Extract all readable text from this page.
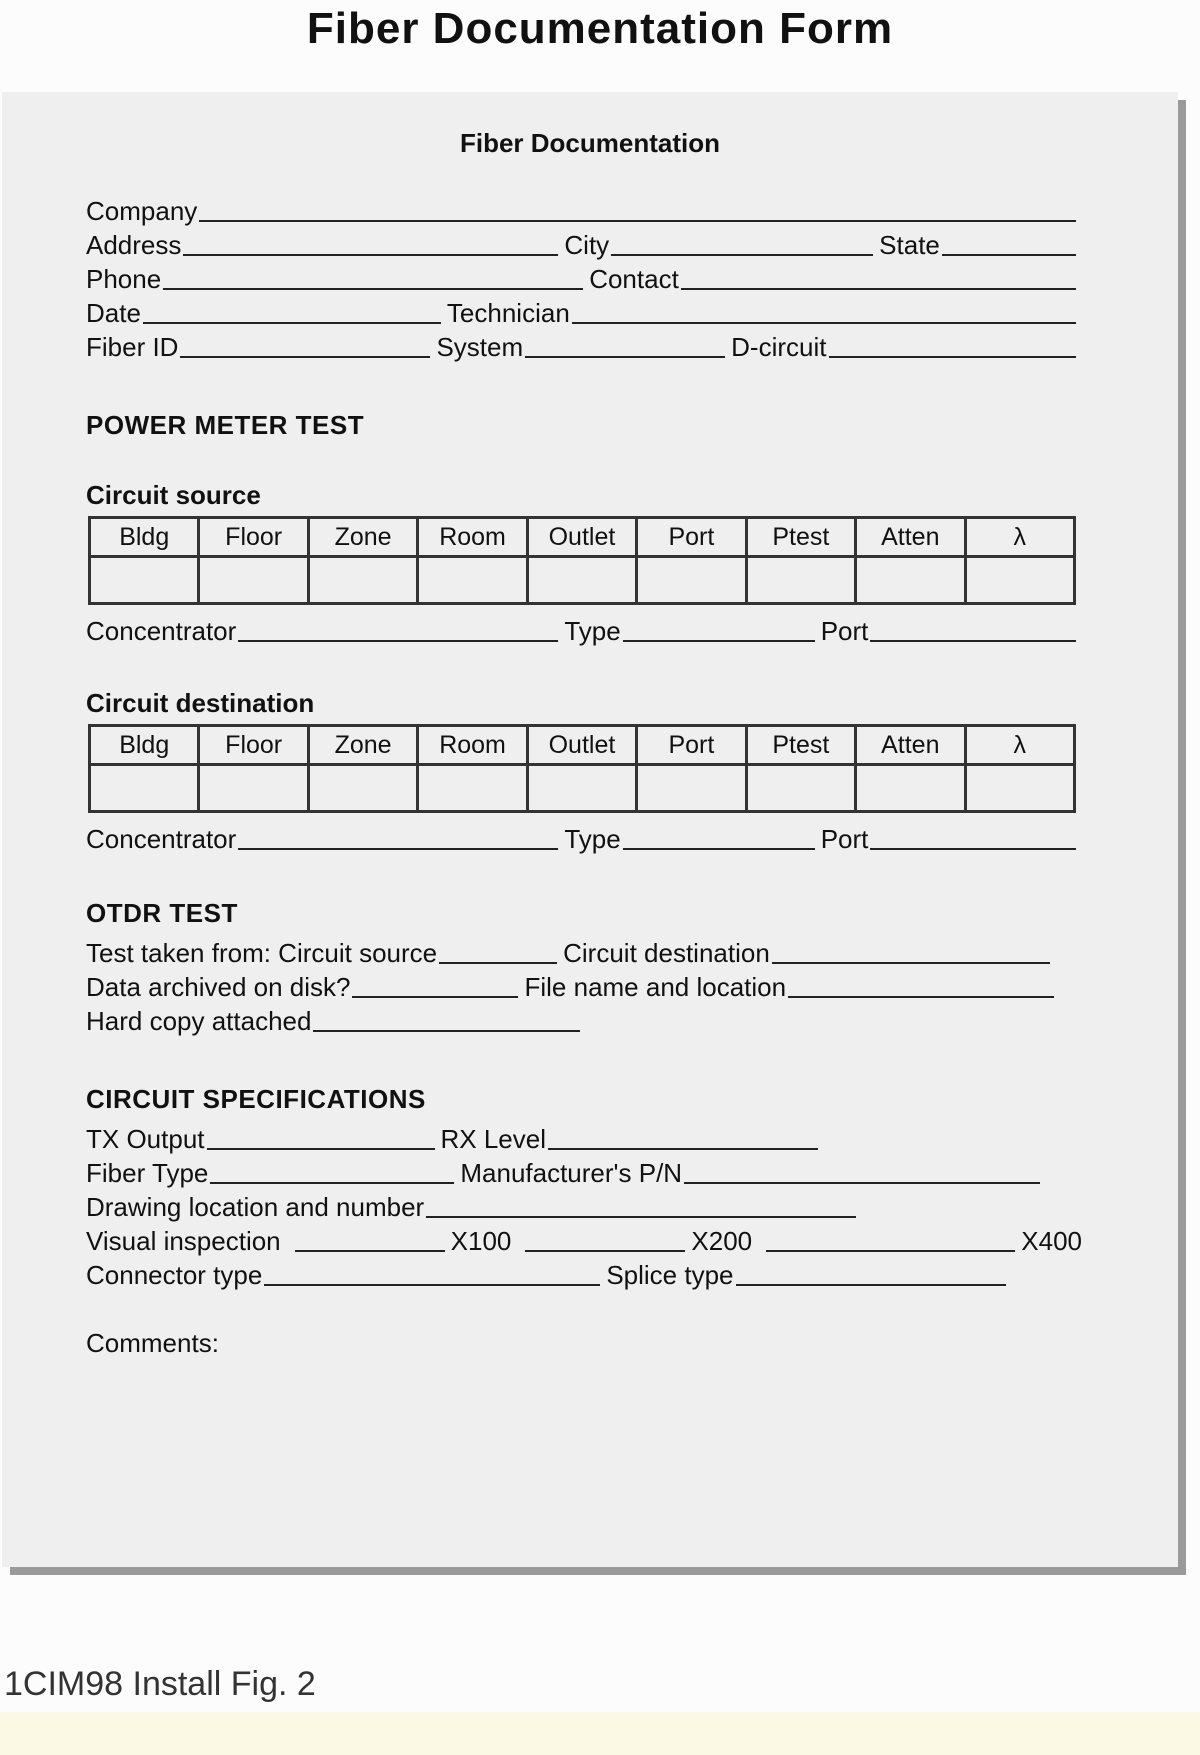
Fiber Documentation Form
Fiber Documentation
Company
Address	City	State
Phone	Contact
Date	Technician
Fiber ID	System	D-circuit
POWER METER TEST
Circuit source
Bldg	Floor	Zone	Room	Outlet	Port	Ptest	Atten	λ

Concentrator	Type	Port
Circuit destination
Bldg	Floor	Zone	Room	Outlet	Port	Ptest	Atten	λ

Concentrator	Type	Port
OTDR TEST
Test taken from: Circuit source	Circuit destination
Data archived on disk?	File name and location
Hard copy attached
CIRCUIT SPECIFICATIONS
TX Output	RX Level
Fiber Type	Manufacturer's P/N
Drawing location and number
Visual inspection	X100	X200	X400
Connector type	Splice type
Comments:
1CIM98 Install Fig. 2
